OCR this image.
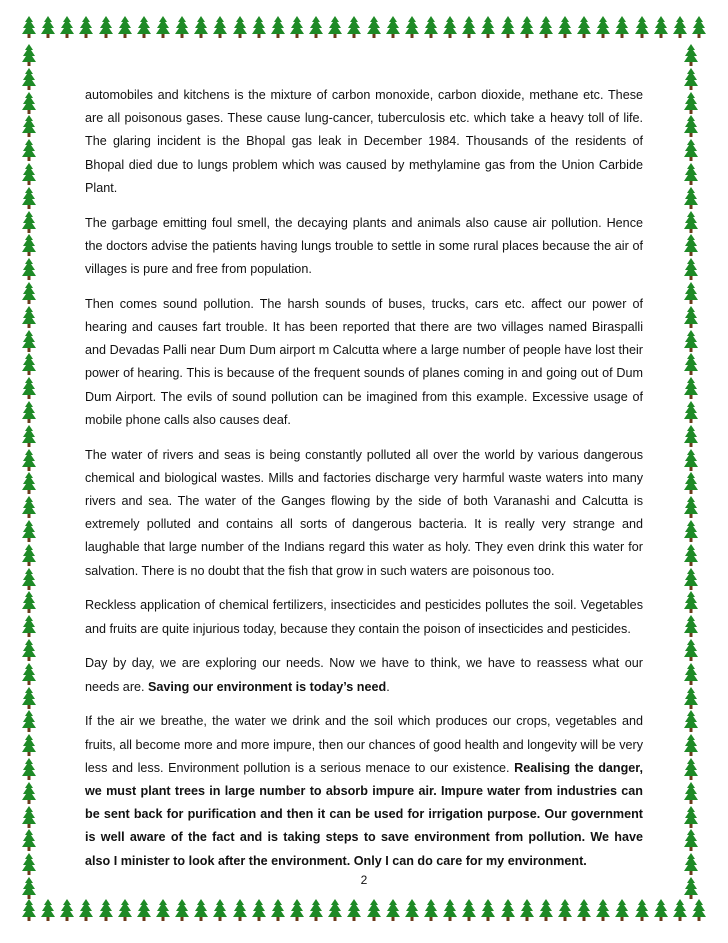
automobiles and kitchens is the mixture of carbon monoxide, carbon dioxide, methane etc. These are all poisonous gases. These cause lung-cancer, tuberculosis etc. which take a heavy toll of life. The glaring incident is the Bhopal gas leak in December 1984. Thousands of the residents of Bhopal died due to lungs problem which was caused by methylamine gas from the Union Carbide Plant.

The garbage emitting foul smell, the decaying plants and animals also cause air pollution. Hence the doctors advise the patients having lungs trouble to settle in some rural places because the air of villages is pure and free from population.

Then comes sound pollution. The harsh sounds of buses, trucks, cars etc. affect our power of hearing and causes fart trouble. It has been reported that there are two villages named Biraspalli and Devadas Palli near Dum Dum airport m Calcutta where a large number of people have lost their power of hearing. This is because of the frequent sounds of planes coming in and going out of Dum Dum Airport. The evils of sound pollution can be imagined from this example. Excessive usage of mobile phone calls also causes deaf.

The water of rivers and seas is being constantly polluted all over the world by various dangerous chemical and biological wastes. Mills and factories discharge very harmful waste waters into many rivers and sea. The water of the Ganges flowing by the side of both Varanashi and Calcutta is extremely polluted and contains all sorts of dangerous bacteria. It is really very strange and laughable that large number of the Indians regard this water as holy. They even drink this water for salvation. There is no doubt that the fish that grow in such waters are poisonous too.

Reckless application of chemical fertilizers, insecticides and pesticides pollutes the soil. Vegetables and fruits are quite injurious today, because they contain the poison of insecticides and pesticides.

Day by day, we are exploring our needs. Now we have to think, we have to reassess what our needs are. Saving our environment is today’s need.

If the air we breathe, the water we drink and the soil which produces our crops, vegetables and fruits, all become more and more impure, then our chances of good health and longevity will be very less and less. Environment pollution is a serious menace to our existence. Realising the danger, we must plant trees in large number to absorb impure air. Impure water from industries can be sent back for purification and then it can be used for irrigation purpose. Our government is well aware of the fact and is taking steps to save environment from pollution. We have also I minister to look after the environment. Only I can do care for my environment.

2
